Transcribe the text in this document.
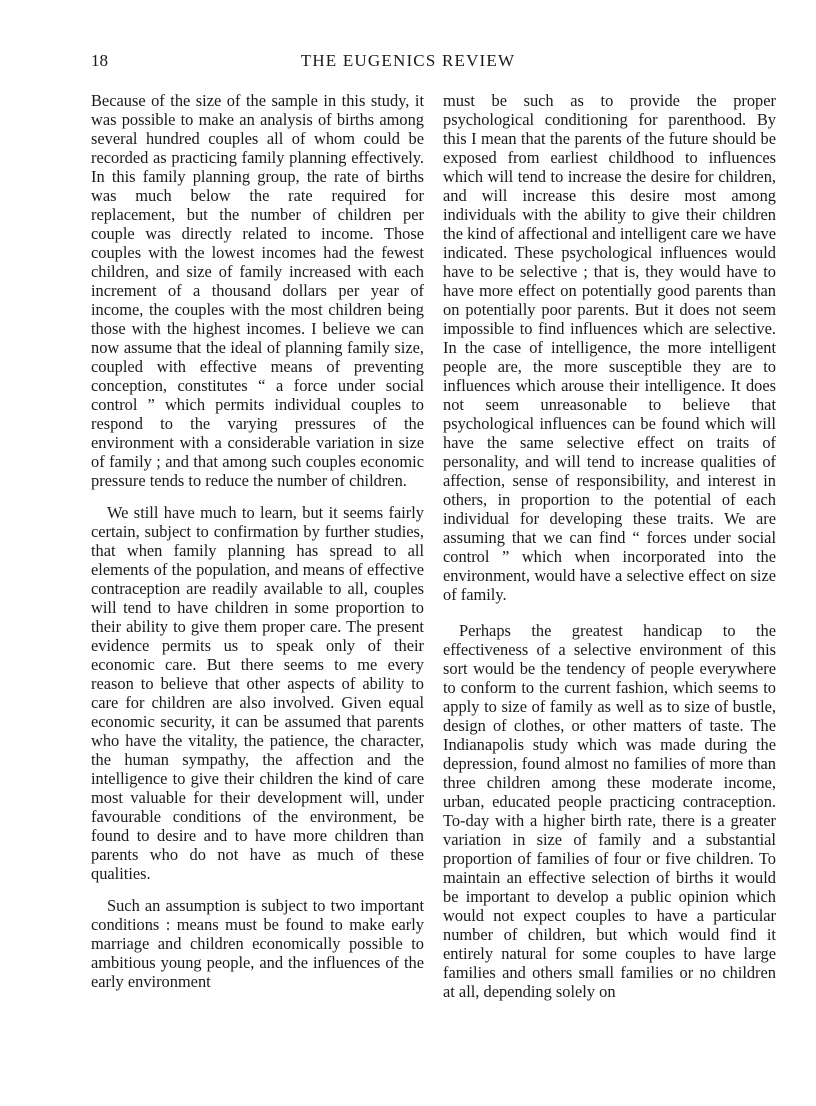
18	THE EUGENICS REVIEW

Because of the size of the sample in this study, it was possible to make an analysis of births among several hundred couples all of whom could be recorded as practicing family planning effectively. In this family planning group, the rate of births was much below the rate required for replacement, but the number of children per couple was directly related to income. Those couples with the lowest incomes had the fewest children, and size of family increased with each increment of a thousand dollars per year of income, the couples with the most children being those with the highest incomes. I believe we can now assume that the ideal of planning family size, coupled with effective means of preventing conception, constitutes “ a force under social control ” which permits individual couples to respond to the varying pressures of the environment with a considerable variation in size of family ; and that among such couples economic pressure tends to reduce the number of children.

We still have much to learn, but it seems fairly certain, subject to confirmation by further studies, that when family planning has spread to all elements of the population, and means of effective contraception are readily available to all, couples will tend to have children in some proportion to their ability to give them proper care. The present evidence permits us to speak only of their economic care. But there seems to me every reason to believe that other aspects of ability to care for children are also involved. Given equal economic security, it can be assumed that parents who have the vitality, the patience, the character, the human sympathy, the affection and the intelligence to give their children the kind of care most valuable for their development will, under favourable conditions of the environment, be found to desire and to have more children than parents who do not have as much of these qualities.

Such an assumption is subject to two important conditions : means must be found to make early marriage and children economically possible to ambitious young people, and the influences of the early environment

must be such as to provide the proper psychological conditioning for parenthood. By this I mean that the parents of the future should be exposed from earliest childhood to influences which will tend to increase the desire for children, and will increase this desire most among individuals with the ability to give their children the kind of affectional and intelligent care we have indicated. These psychological influences would have to be selective ; that is, they would have to have more effect on potentially good parents than on potentially poor parents. But it does not seem impossible to find influences which are selective. In the case of intelligence, the more intelligent people are, the more susceptible they are to influences which arouse their intelligence. It does not seem unreasonable to believe that psychological influences can be found which will have the same selective effect on traits of personality, and will tend to increase qualities of affection, sense of responsibility, and interest in others, in proportion to the potential of each individual for developing these traits. We are assuming that we can find “ forces under social control ” which when incorporated into the environment, would have a selective effect on size of family.

Perhaps the greatest handicap to the effectiveness of a selective environment of this sort would be the tendency of people everywhere to conform to the current fashion, which seems to apply to size of family as well as to size of bustle, design of clothes, or other matters of taste. The Indianapolis study which was made during the depression, found almost no families of more than three children among these moderate income, urban, educated people practicing contraception. To-day with a higher birth rate, there is a greater variation in size of family and a substantial proportion of families of four or five children. To maintain an effective selection of births it would be important to develop a public opinion which would not expect couples to have a particular number of children, but which would find it entirely natural for some couples to have large families and others small families or no children at all, depending solely on
